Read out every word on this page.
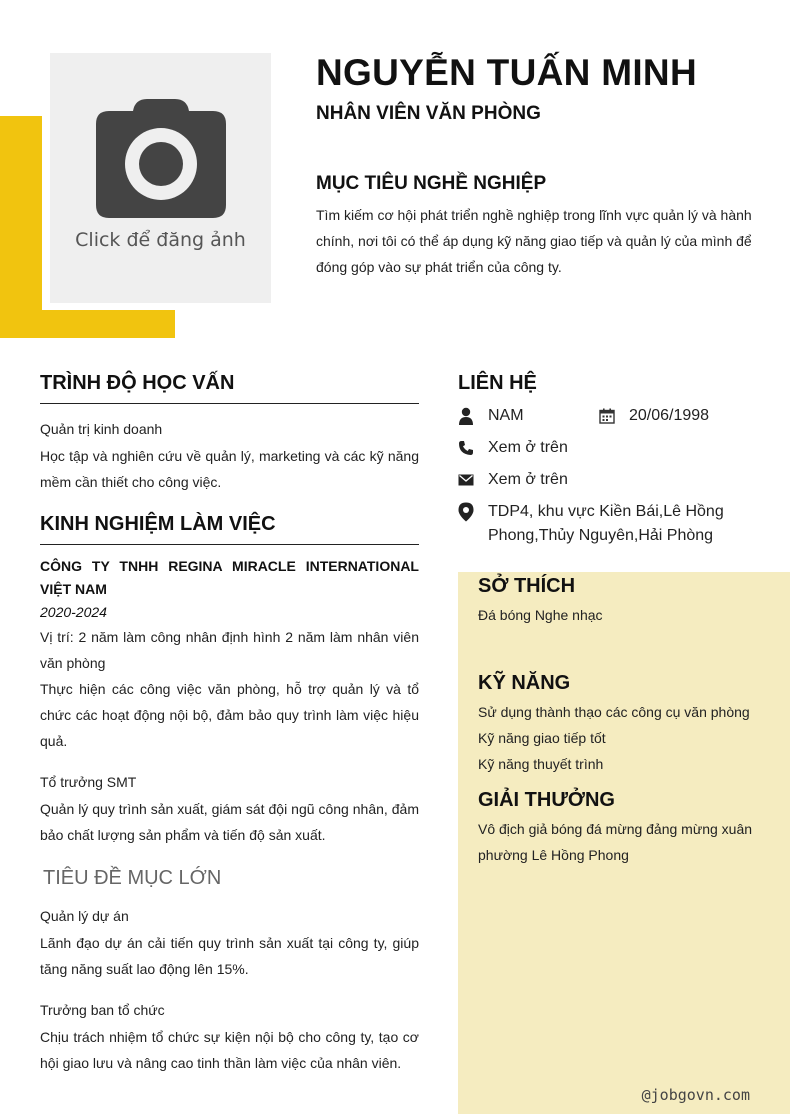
Click để đăng ảnh
NGUYỄN TUẤN MINH
NHÂN VIÊN VĂN PHÒNG
MỤC TIÊU NGHỀ NGHIỆP
Tìm kiếm cơ hội phát triển nghề nghiệp trong lĩnh vực quản lý và hành chính, nơi tôi có thể áp dụng kỹ năng giao tiếp và quản lý của mình để đóng góp vào sự phát triển của công ty.
TRÌNH ĐỘ HỌC VẤN
Quản trị kinh doanh
Học tập và nghiên cứu về quản lý, marketing và các kỹ năng mềm cần thiết cho công việc.
KINH NGHIỆM LÀM VIỆC
CÔNG TY TNHH REGINA MIRACLE INTERNATIONAL VIỆT NAM
2020-2024
Vị trí: 2 năm làm công nhân định hình 2 năm làm nhân viên văn phòng
Thực hiện các công việc văn phòng, hỗ trợ quản lý và tổ chức các hoạt động nội bộ, đảm bảo quy trình làm việc hiệu quả.
Tổ trưởng SMT
Quản lý quy trình sản xuất, giám sát đội ngũ công nhân, đảm bảo chất lượng sản phẩm và tiến độ sản xuất.
TIÊU ĐỀ MỤC LỚN
Quản lý dự án
Lãnh đạo dự án cải tiến quy trình sản xuất tại công ty, giúp tăng năng suất lao động lên 15%.
Trưởng ban tổ chức
Chịu trách nhiệm tổ chức sự kiện nội bộ cho công ty, tạo cơ hội giao lưu và nâng cao tinh thần làm việc của nhân viên.
LIÊN HỆ
NAM	20/06/1998
Xem ở trên
Xem ở trên
TDP4, khu vực Kiền Bái,Lê Hồng Phong,Thủy Nguyên,Hải Phòng
SỞ THÍCH
Đá bóng Nghe nhạc
KỸ NĂNG
Sử dụng thành thạo các công cụ văn phòng
Kỹ năng giao tiếp tốt
Kỹ năng thuyết trình
GIẢI THƯỞNG
Vô địch giả bóng đá mừng đảng mừng xuân phường Lê Hồng Phong
@jobgovn.com
